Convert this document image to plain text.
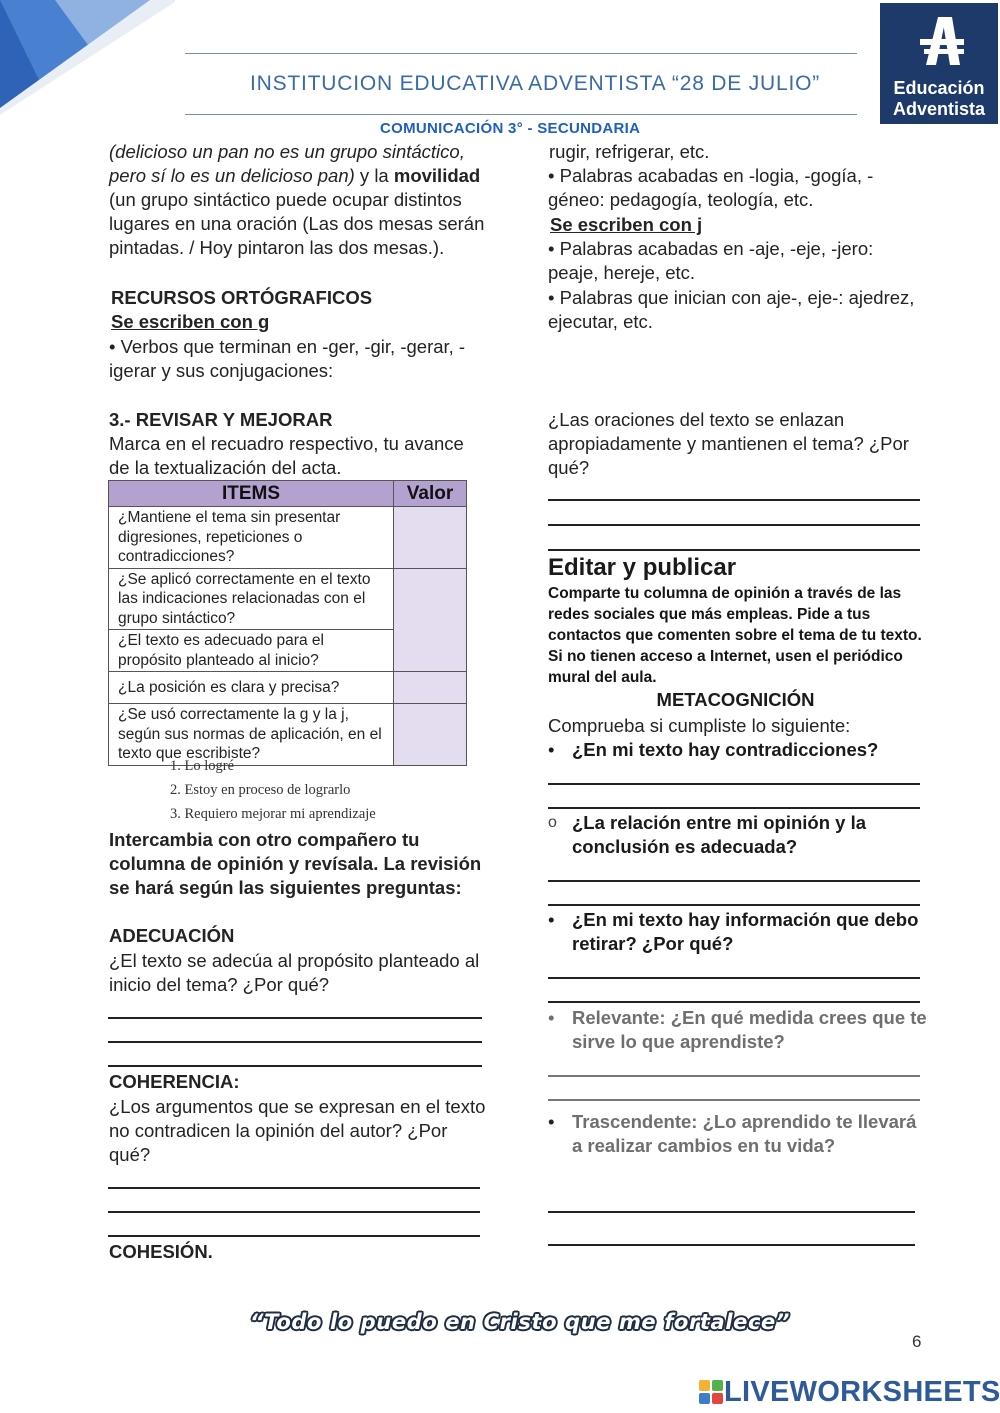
INSTITUCION EDUCATIVA ADVENTISTA “28 DE JULIO”	Educación
Adventista
COMUNICACIÓN 3° - SECUNDARIA
(delicioso un pan no es un grupo sintáctico, pero sí lo es un delicioso pan) y la movilidad (un grupo sintáctico puede ocupar distintos lugares en una oración (Las dos mesas serán pintadas. / Hoy pintaron las dos mesas.).
RECURSOS ORTÓGRAFICOS
Se escriben con g
• Verbos que terminan en -ger, -gir, -gerar, -igerar y sus conjugaciones:
rugir, refrigerar, etc.
• Palabras acabadas en -logia, -gogía, -géneo: pedagogía, teología, etc.
Se escriben con j
• Palabras acabadas en -aje, -eje, -jero: peaje, hereje, etc.
• Palabras que inician con aje-, eje-: ajedrez, ejecutar, etc.
3.- REVISAR Y MEJORAR
Marca en el recuadro respectivo, tu avance de la textualización del acta.
ITEMS	Valor
¿Mantiene el tema sin presentar digresiones, repeticiones o contradicciones?	
¿Se aplicó correctamente en el texto las indicaciones relacionadas con el grupo sintáctico?	
¿El texto es adecuado para el propósito planteado al inicio?	
¿La posición es clara y precisa?	
¿Se usó correctamente la g y la j, según sus normas de aplicación, en el texto que escribiste?	
1. Lo logré
2. Estoy en proceso de lograrlo
3. Requiero mejorar mi aprendizaje
Intercambia con otro compañero tu columna de opinión y revísala. La revisión se hará según las siguientes preguntas:
ADECUACIÓN
¿El texto se adecúa al propósito planteado al inicio del tema? ¿Por qué?
COHERENCIA:
¿Los argumentos que se expresan en el texto no contradicen la opinión del autor? ¿Por qué?
COHESIÓN.
¿Las oraciones del texto se enlazan apropiadamente y mantienen el tema? ¿Por qué?
Editar y publicar
Comparte tu columna de opinión a través de las redes sociales que más empleas. Pide a tus contactos que comenten sobre el tema de tu texto. Si no tienen acceso a Internet, usen el periódico mural del aula.
METACOGNICIÓN
Comprueba si cumpliste lo siguiente:
• ¿En mi texto hay contradicciones?
o ¿La relación entre mi opinión y la conclusión es adecuada?
• ¿En mi texto hay información que debo retirar? ¿Por qué?
• Relevante: ¿En qué medida crees que te sirve lo que aprendiste?
• Trascendente: ¿Lo aprendido te llevará a realizar cambios en tu vida?
“Todo lo puedo en Cristo que me fortalece”
6
LIVEWORKSHEETS
